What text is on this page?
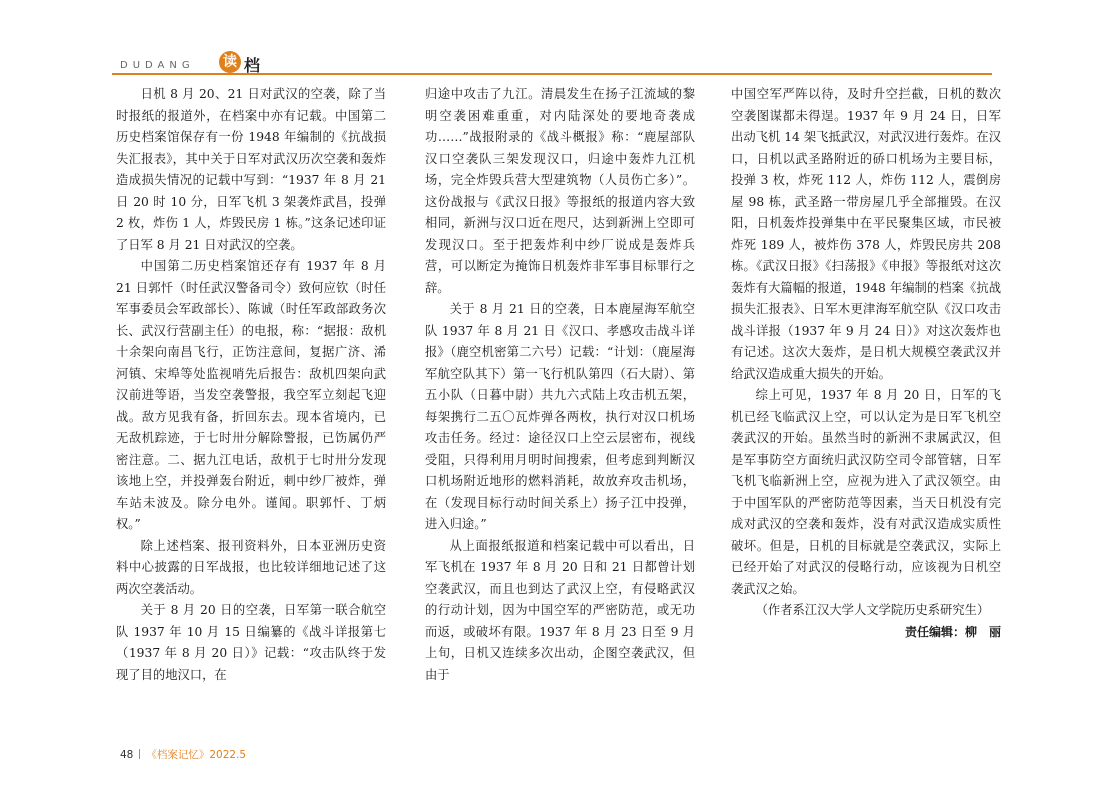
DUDANG 读 档

日机 8 月 20、21 日对武汉的空袭，除了当时报纸的报道外，在档案中亦有记载。中国第二历史档案馆保存有一份 1948 年编制的《抗战损失汇报表》，其中关于日军对武汉历次空袭和轰炸造成损失情况的记载中写到：“1937 年 8 月 21 日 20 时 10 分，日军飞机 3 架袭炸武昌，投弹 2 枚，炸伤 1 人，炸毁民房 1 栋。”这条记述印证了日军 8 月 21 日对武汉的空袭。

中国第二历史档案馆还存有 1937 年 8 月 21 日郭忏（时任武汉警备司令）致何应钦（时任军事委员会军政部长）、陈诚（时任军政部政务次长、武汉行营副主任）的电报，称：“据报：敌机十余架向南昌飞行，正饬注意间，复据广济、浠河镇、宋埠等处监视哨先后报告：敌机四架向武汉前进等语，当发空袭警报，我空军立刻起飞迎战。敌方见我有备，折回东去。现本省境内，已无敌机踪迹，于七时卅分解除警报，已饬属仍严密注意。二、据九江电话，敌机于七时卅分发现该地上空，并投弹轰台附近，刺中纱厂被炸，弹车站未波及。除分电外。谨闻。职郭忏、丁炳权。”

除上述档案、报刊资料外，日本亚洲历史资料中心披露的日军战报，也比较详细地记述了这两次空袭活动。

关于 8 月 20 日的空袭，日军第一联合航空队 1937 年 10 月 15 日编纂的《战斗详报第七（1937 年 8 月 20 日）》记载：“攻击队终于发现了目的地汉口，在

归途中攻击了九江。清晨发生在扬子江流域的黎明空袭困难重重，对内陆深处的要地奇袭成功……”战报附录的《战斗概报》称：“鹿屋部队汉口空袭队三架发现汉口，归途中轰炸九江机场，完全炸毁兵营大型建筑物（人员伤亡多）”。这份战报与《武汉日报》等报纸的报道内容大致相同，新洲与汉口近在咫尺，达到新洲上空即可发现汉口。至于把轰炸利中纱厂说成是轰炸兵营，可以断定为掩饰日机轰炸非军事目标罪行之辞。

关于 8 月 21 日的空袭，日本鹿屋海军航空队 1937 年 8 月 21 日《汉口、孝感攻击战斗详报》（鹿空机密第二六号）记载：“计划：（鹿屋海军航空队其下）第一飞行机队第四（石大尉）、第五小队（日暮中尉）共九六式陆上攻击机五架，每架携行二五〇瓦炸弹各两枚，执行对汉口机场攻击任务。经过：途径汉口上空云层密布，视线受阻，只得利用月明时间搜索，但考虑到判断汉口机场附近地形的燃料消耗，故放弃攻击机场，在（发现目标行动时间关系上）扬子江中投弹，进入归途。”

从上面报纸报道和档案记载中可以看出，日军飞机在 1937 年 8 月 20 日和 21 日都曾计划空袭武汉，而且也到达了武汉上空，有侵略武汉的行动计划，因为中国空军的严密防范，或无功而返，或破坏有限。1937 年 8 月 23 日至 9 月上旬，日机又连续多次出动，企图空袭武汉，但由于

中国空军严阵以待，及时升空拦截，日机的数次空袭图谋都未得逞。1937 年 9 月 24 日，日军出动飞机 14 架飞抵武汉，对武汉进行轰炸。在汉口，日机以武圣路附近的硚口机场为主要目标，投弹 3 枚，炸死 112 人，炸伤 112 人，震倒房屋 98 栋，武圣路一带房屋几乎全部摧毁。在汉阳，日机轰炸投弹集中在平民聚集区域，市民被炸死 189 人，被炸伤 378 人，炸毁民房共 208 栋。《武汉日报》《扫荡报》《申报》等报纸对这次轰炸有大篇幅的报道，1948 年编制的档案《抗战损失汇报表》、日军木更津海军航空队《汉口攻击战斗详报（1937 年 9 月 24 日）》对这次轰炸也有记述。这次大轰炸，是日机大规模空袭武汉并给武汉造成重大损失的开始。

综上可见，1937 年 8 月 20 日，日军的飞机已经飞临武汉上空，可以认定为是日军飞机空袭武汉的开始。虽然当时的新洲不隶属武汉，但是军事防空方面统归武汉防空司令部管辖，日军飞机飞临新洲上空，应视为进入了武汉领空。由于中国军队的严密防范等因素，当天日机没有完成对武汉的空袭和轰炸，没有对武汉造成实质性破坏。但是，日机的目标就是空袭武汉，实际上已经开始了对武汉的侵略行动，应该视为日机空袭武汉之始。

（作者系江汉大学人文学院历史系研究生）

责任编辑：柳　丽

48 《档案记忆》2022.5
